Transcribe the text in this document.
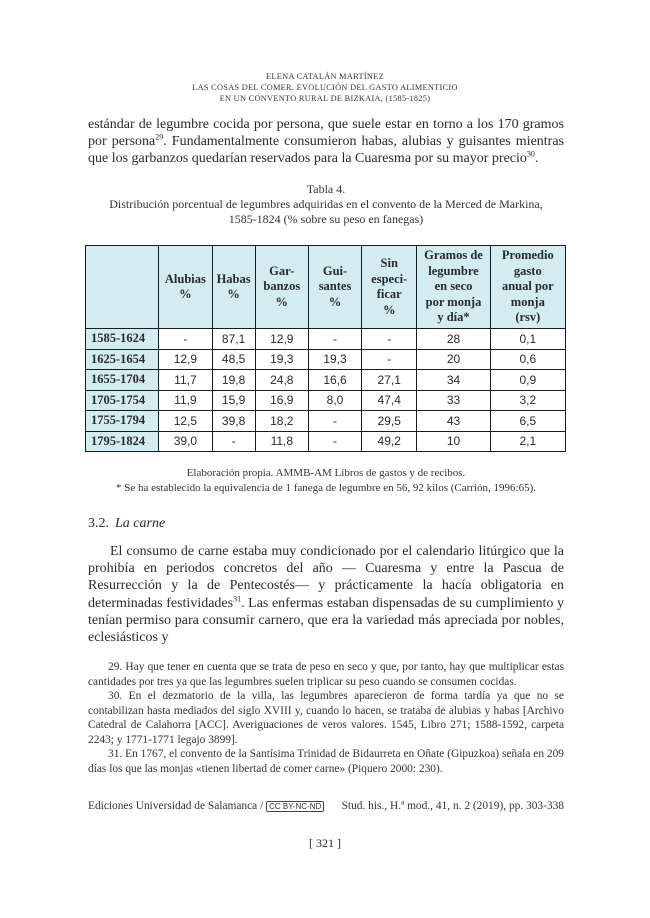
ELENA CATALÁN MARTÍNEZ
LAS COSAS DEL COMER. EVOLUCIÓN DEL GASTO ALIMENTICIO
EN UN CONVENTO RURAL DE BIZKAIA, (1585-1825)

estándar de legumbre cocida por persona, que suele estar en torno a los 170 gramos por persona$^{29}$. Fundamentalmente consumieron habas, alubias y guisantes mientras que los garbanzos quedarían reservados para la Cuaresma por su mayor precio$^{30}$.

Tabla 4.
Distribución porcentual de legumbres adquiridas en el convento de la Merced de Markina, 1585-1824 (% sobre su peso en fanegas)
	Alubias
%	Habas
%	Gar-
banzos
%	Gui-
santes
%	Sin
especi-
ficar
%	Gramos de
legumbre
en seco
por monja
y día*	Promedio
gasto
anual por
monja
(rsv)
1585-1624	-	87,1	12,9	-	-	28	0,1
1625-1654	12,9	48,5	19,3	19,3	-	20	0,6
1655-1704	11,7	19,8	24,8	16,6	27,1	34	0,9
1705-1754	11,9	15,9	16,9	8,0	47,4	33	3,2
1755-1794	12,5	39,8	18,2	-	29,5	43	6,5
1795-1824	39,0	-	11,8	-	49,2	10	2,1
Elaboración propia. AMMB-AM Libros de gastos y de recibos.
* Se ha establecido la equivalencia de 1 fanega de legumbre en 56, 92 kilos (Carrión, 1996:65).
3.2. La carne

El consumo de carne estaba muy condicionado por el calendario litúrgico que la prohibía en periodos concretos del año — Cuaresma y entre la Pascua de Resurrección y la de Pentecostés— y prácticamente la hacía obligatoria en determinadas festividades$^{31}$. Las enfermas estaban dispensadas de su cumplimiento y tenían permiso para consumir carnero, que era la variedad más apreciada por nobles, eclesiásticos y

29. Hay que tener en cuenta que se trata de peso en seco y que, por tanto, hay que multiplicar estas cantidades por tres ya que las legumbres suelen triplicar su peso cuando se consumen cocidas.

30. En el dezmatorio de la villa, las legumbres aparecieron de forma tardía ya que no se contabilizan hasta mediados del siglo XVIII y, cuando lo hacen, se trataba de alubias y habas [Archivo Catedral de Calahorra [ACC]. Averiguaciones de veros valores. 1545, Libro 271; 1588-1592, carpeta 2243; y 1771-1771 legajo 3899].

31. En 1767, el convento de la Santísima Trinidad de Bidaurreta en Oñate (Gipuzkoa) señala en 209 días los que las monjas «tienen libertad de comer carne» (Piquero 2000: 230).

Ediciones Universidad de Salamanca / CC BY-NC-ND Stud. his., H.ª mod., 41, n. 2 (2019), pp. 303-338
[ 321 ]
